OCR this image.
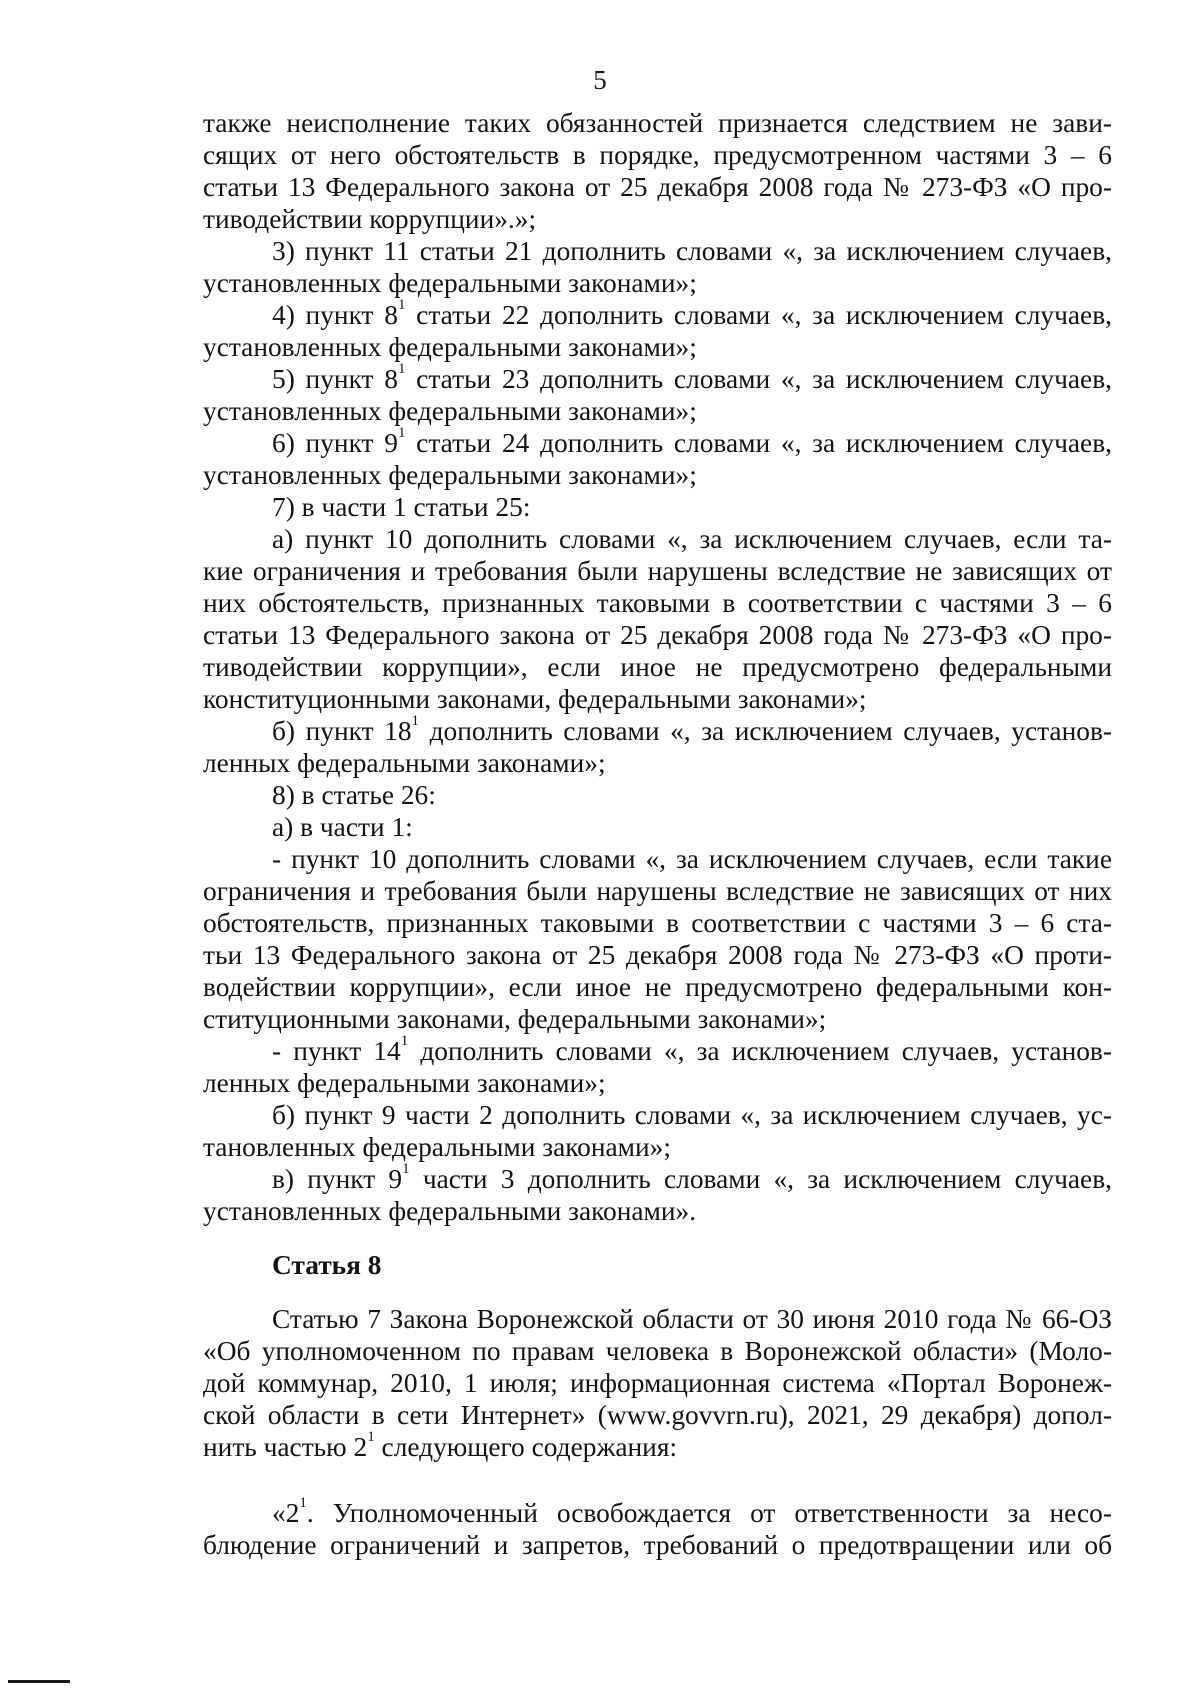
5
также неисполнение таких обязанностей признается следствием не зави-
сящих от него обстоятельств в порядке, предусмотренном частями 3 – 6
статьи 13 Федерального закона от 25 декабря 2008 года № 273-ФЗ «О про-
тиводействии коррупции».»;
3) пункт 11 статьи 21 дополнить словами «, за исключением случаев,
установленных федеральными законами»;
4) пункт $8^1$ статьи 22 дополнить словами «, за исключением случаев,
установленных федеральными законами»;
5) пункт $8^1$ статьи 23 дополнить словами «, за исключением случаев,
установленных федеральными законами»;
6) пункт $9^1$ статьи 24 дополнить словами «, за исключением случаев,
установленных федеральными законами»;
7) в части 1 статьи 25:
а) пункт 10 дополнить словами «, за исключением случаев, если та-
кие ограничения и требования были нарушены вследствие не зависящих от
них обстоятельств, признанных таковыми в соответствии с частями 3 – 6
статьи 13 Федерального закона от 25 декабря 2008 года № 273-ФЗ «О про-
тиводействии коррупции», если иное не предусмотрено федеральными
конституционными законами, федеральными законами»;
б) пункт $18^1$ дополнить словами «, за исключением случаев, установ-
ленных федеральными законами»;
8) в статье 26:
а) в части 1:
- пункт 10 дополнить словами «, за исключением случаев, если такие
ограничения и требования были нарушены вследствие не зависящих от них
обстоятельств, признанных таковыми в соответствии с частями 3 – 6 ста-
тьи 13 Федерального закона от 25 декабря 2008 года № 273-ФЗ «О проти-
водействии коррупции», если иное не предусмотрено федеральными кон-
ституционными законами, федеральными законами»;
- пункт $14^1$ дополнить словами «, за исключением случаев, установ-
ленных федеральными законами»;
б) пункт 9 части 2 дополнить словами «, за исключением случаев, ус-
тановленных федеральными законами»;
в) пункт $9^1$ части 3 дополнить словами «, за исключением случаев,
установленных федеральными законами».
Статья 8
Статью 7 Закона Воронежской области от 30 июня 2010 года № 66-ОЗ
«Об уполномоченном по правам человека в Воронежской области» (Моло-
дой коммунар, 2010, 1 июля; информационная система «Портал Воронеж-
ской области в сети Интернет» (www.govvrn.ru), 2021, 29 декабря) допол-
нить частью $2^1$ следующего содержания:
«$2^1$. Уполномоченный освобождается от ответственности за несо-
блюдение ограничений и запретов, требований о предотвращении или об
